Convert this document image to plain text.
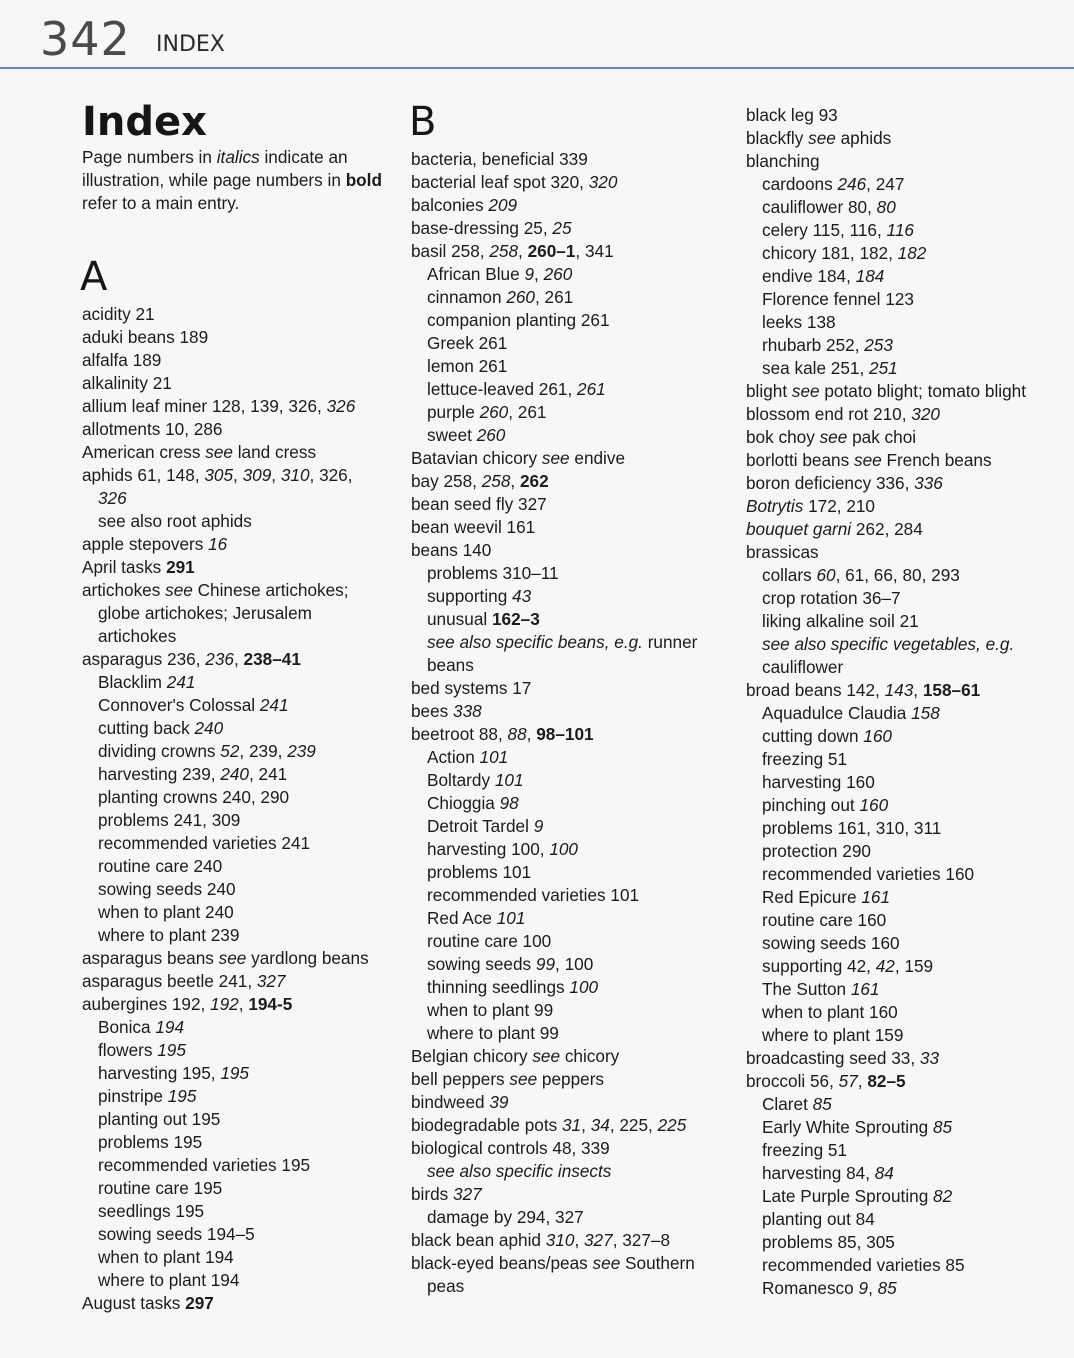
342 INDEX
Index
Page numbers in italics indicate an
illustration, while page numbers in bold
refer to a main entry.
A
acidity 21
aduki beans 189
alfalfa 189
alkalinity 21
allium leaf miner 128, 139, 326, 326
allotments 10, 286
American cress see land cress
aphids 61, 148, 305, 309, 310, 326,
326
see also root aphids
apple stepovers 16
April tasks 291
artichokes see Chinese artichokes;
globe artichokes; Jerusalem
artichokes
asparagus 236, 236, 238–41
Blacklim 241
Connover's Colossal 241
cutting back 240
dividing crowns 52, 239, 239
harvesting 239, 240, 241
planting crowns 240, 290
problems 241, 309
recommended varieties 241
routine care 240
sowing seeds 240
when to plant 240
where to plant 239
asparagus beans see yardlong beans
asparagus beetle 241, 327
aubergines 192, 192, 194-5
Bonica 194
flowers 195
harvesting 195, 195
pinstripe 195
planting out 195
problems 195
recommended varieties 195
routine care 195
seedlings 195
sowing seeds 194–5
when to plant 194
where to plant 194
August tasks 297
B
bacteria, beneficial 339
bacterial leaf spot 320, 320
balconies 209
base-dressing 25, 25
basil 258, 258, 260–1, 341
African Blue 9, 260
cinnamon 260, 261
companion planting 261
Greek 261
lemon 261
lettuce-leaved 261, 261
purple 260, 261
sweet 260
Batavian chicory see endive
bay 258, 258, 262
bean seed fly 327
bean weevil 161
beans 140
problems 310–11
supporting 43
unusual 162–3
see also specific beans, e.g. runner
beans
bed systems 17
bees 338
beetroot 88, 88, 98–101
Action 101
Boltardy 101
Chioggia 98
Detroit Tardel 9
harvesting 100, 100
problems 101
recommended varieties 101
Red Ace 101
routine care 100
sowing seeds 99, 100
thinning seedlings 100
when to plant 99
where to plant 99
Belgian chicory see chicory
bell peppers see peppers
bindweed 39
biodegradable pots 31, 34, 225, 225
biological controls 48, 339
see also specific insects
birds 327
damage by 294, 327
black bean aphid 310, 327, 327–8
black-eyed beans/peas see Southern
peas
black leg 93
blackfly see aphids
blanching
cardoons 246, 247
cauliflower 80, 80
celery 115, 116, 116
chicory 181, 182, 182
endive 184, 184
Florence fennel 123
leeks 138
rhubarb 252, 253
sea kale 251, 251
blight see potato blight; tomato blight
blossom end rot 210, 320
bok choy see pak choi
borlotti beans see French beans
boron deficiency 336, 336
Botrytis 172, 210
bouquet garni 262, 284
brassicas
collars 60, 61, 66, 80, 293
crop rotation 36–7
liking alkaline soil 21
see also specific vegetables, e.g.
cauliflower
broad beans 142, 143, 158–61
Aquadulce Claudia 158
cutting down 160
freezing 51
harvesting 160
pinching out 160
problems 161, 310, 311
protection 290
recommended varieties 160
Red Epicure 161
routine care 160
sowing seeds 160
supporting 42, 42, 159
The Sutton 161
when to plant 160
where to plant 159
broadcasting seed 33, 33
broccoli 56, 57, 82–5
Claret 85
Early White Sprouting 85
freezing 51
harvesting 84, 84
Late Purple Sprouting 82
planting out 84
problems 85, 305
recommended varieties 85
Romanesco 9, 85
